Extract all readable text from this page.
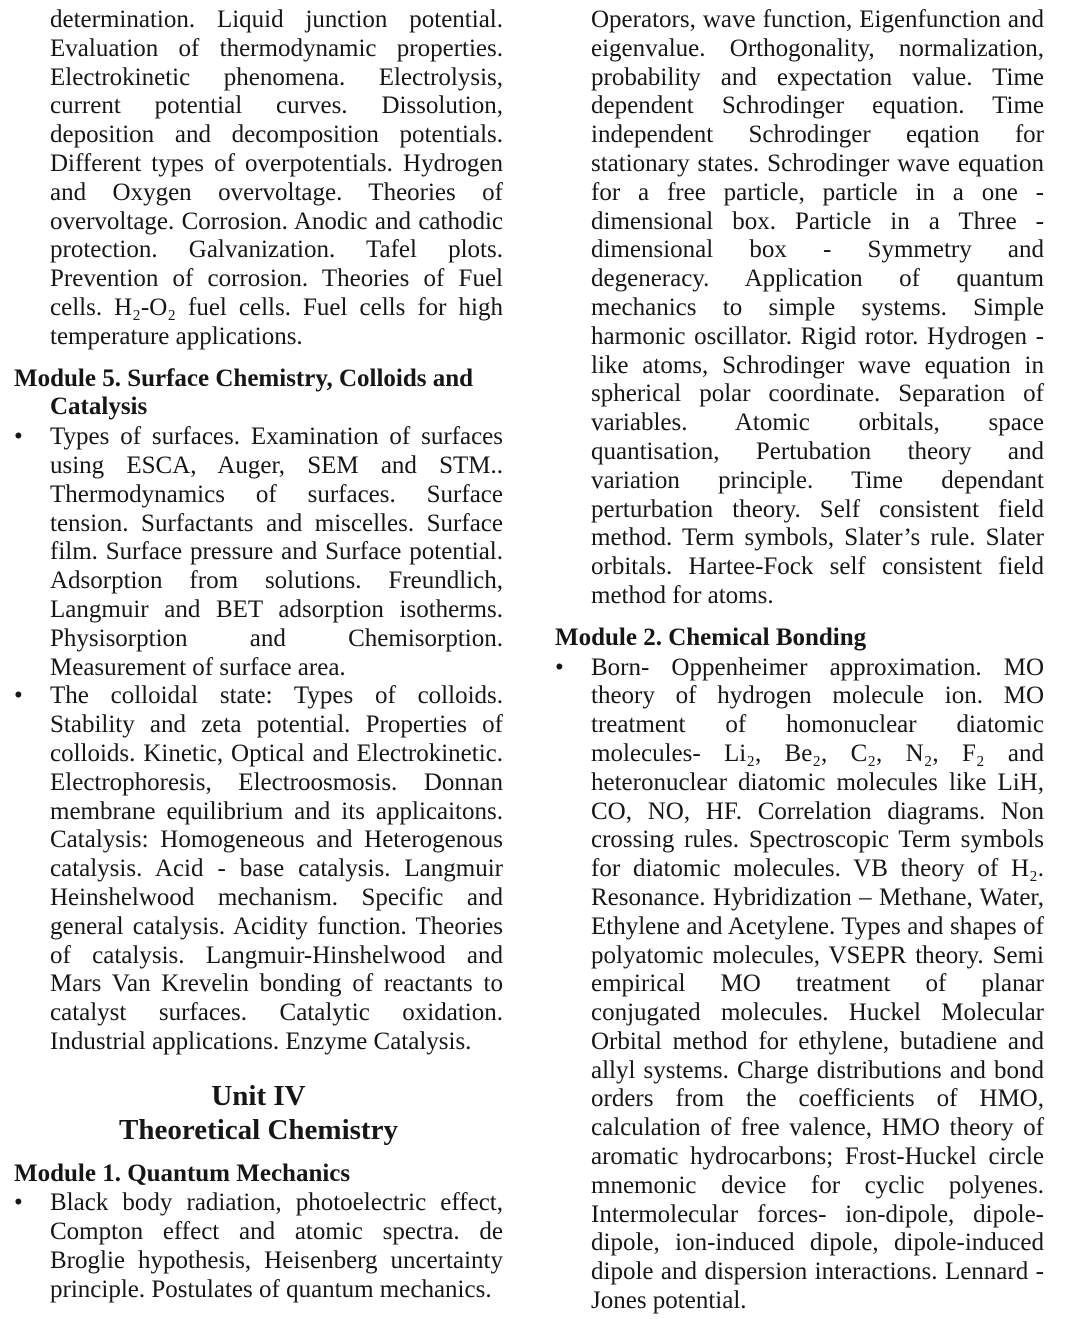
determination. Liquid junction potential. Evaluation of thermodynamic properties. Electrokinetic phenomena. Electrolysis, current potential curves. Dissolution, deposition and decomposition potentials. Different types of overpotentials. Hydrogen and Oxygen overvoltage. Theories of overvoltage. Corrosion. Anodic and cathodic protection. Galvanization. Tafel plots. Prevention of corrosion. Theories of Fuel cells. H₂-O₂ fuel cells. Fuel cells for high temperature applications.

Module 5. Surface Chemistry, Colloids and
Catalysis
•	Types of surfaces. Examination of surfaces using ESCA, Auger, SEM and STM.. Thermodynamics of surfaces. Surface tension. Surfactants and miscelles. Surface film. Surface pressure and Surface potential. Adsorption from solutions. Freundlich, Langmuir and BET adsorption isotherms. Physisorption and Chemisorption. Measurement of surface area.

•	The colloidal state: Types of colloids. Stability and zeta potential. Properties of colloids. Kinetic, Optical and Electrokinetic. Electrophoresis, Electroosmosis. Donnan membrane equilibrium and its applicaitons. Catalysis: Homogeneous and Heterogenous catalysis. Acid - base catalysis. Langmuir Heinshelwood mechanism. Specific and general catalysis. Acidity function. Theories of catalysis. Langmuir-Hinshelwood and Mars Van Krevelin bonding of reactants to catalyst surfaces. Catalytic oxidation. Industrial applications. Enzyme Catalysis.

Unit IV
Theoretical Chemistry
Module 1. Quantum Mechanics
•	Black body radiation, photoelectric effect, Compton effect and atomic spectra. de Broglie hypothesis, Heisenberg uncertainty principle. Postulates of quantum mechanics.

Operators, wave function, Eigenfunction and eigenvalue. Orthogonality, normalization, probability and expectation value. Time dependent Schrodinger equation. Time independent Schrodinger eqation for stationary states. Schrodinger wave equation for a free particle, particle in a one - dimensional box. Particle in a Three - dimensional box - Symmetry and degeneracy. Application of quantum mechanics to simple systems. Simple harmonic oscillator. Rigid rotor. Hydrogen - like atoms, Schrodinger wave equation in spherical polar coordinate. Separation of variables. Atomic orbitals, space quantisation, Pertubation theory and variation principle. Time dependant perturbation theory. Self consistent field method. Term symbols, Slater’s rule. Slater orbitals. Hartee-Fock self consistent field method for atoms.

Module 2. Chemical Bonding
•	Born- Oppenheimer approximation. MO theory of hydrogen molecule ion. MO treatment of homonuclear diatomic molecules- Li₂, Be₂, C₂, N₂, F₂ and heteronuclear diatomic molecules like LiH, CO, NO, HF. Correlation diagrams. Non crossing rules. Spectroscopic Term symbols for diatomic molecules. VB theory of H₂. Resonance. Hybridization – Methane, Water, Ethylene and Acetylene. Types and shapes of polyatomic molecules, VSEPR theory. Semi empirical MO treatment of planar conjugated molecules. Huckel Molecular Orbital method for ethylene, butadiene and allyl systems. Charge distributions and bond orders from the coefficients of HMO, calculation of free valence, HMO theory of aromatic hydrocarbons; Frost-Huckel circle mnemonic device for cyclic polyenes. Intermolecular forces- ion-dipole, dipole-dipole, ion-induced dipole, dipole-induced dipole and dispersion interactions. Lennard - Jones potential.
